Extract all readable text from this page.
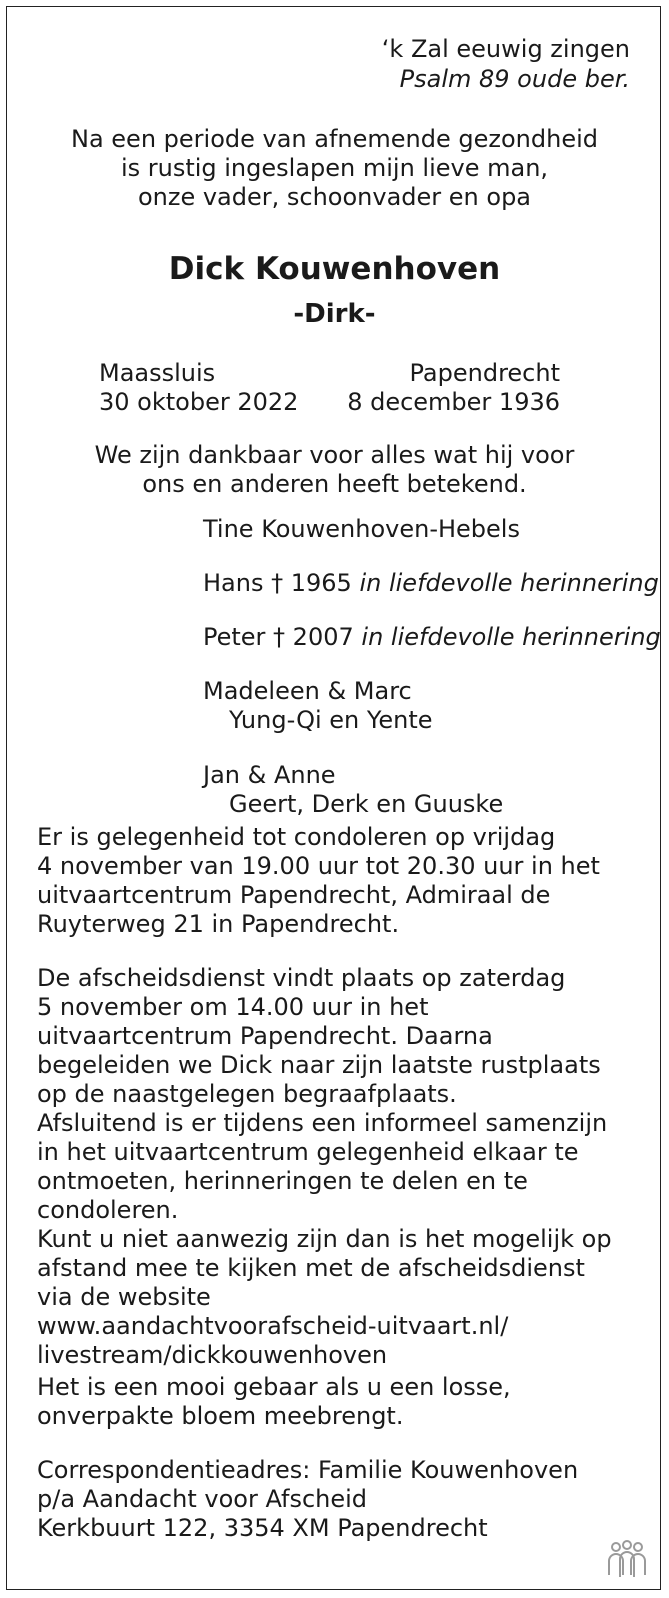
‘k Zal eeuwig zingen
Psalm 89 oude ber.
Na een periode van afnemende gezondheid
is rustig ingeslapen mijn lieve man,
onze vader, schoonvader en opa
Dick Kouwenhoven
-Dirk-
Maassluis
30 oktober 2022
Papendrecht
8 december 1936
We zijn dankbaar voor alles wat hij voor
ons en anderen heeft betekend.
Tine Kouwenhoven-Hebels
Hans † 1965 in liefdevolle herinnering
Peter † 2007 in liefdevolle herinnering
Madeleen & Marc
Yung-Qi en Yente
Jan & Anne
Geert, Derk en Guuske
Er is gelegenheid tot condoleren op vrijdag
4 november van 19.00 uur tot 20.30 uur in het
uitvaartcentrum Papendrecht, Admiraal de
Ruyterweg 21 in Papendrecht.
De afscheidsdienst vindt plaats op zaterdag
5 november om 14.00 uur in het
uitvaartcentrum Papendrecht. Daarna
begeleiden we Dick naar zijn laatste rustplaats
op de naastgelegen begraafplaats.
Afsluitend is er tijdens een informeel samenzijn
in het uitvaartcentrum gelegenheid elkaar te
ontmoeten, herinneringen te delen en te
condoleren.
Kunt u niet aanwezig zijn dan is het mogelijk op
afstand mee te kijken met de afscheidsdienst
via de website
www.aandachtvoorafscheid-uitvaart.nl/
livestream/dickkouwenhoven
Het is een mooi gebaar als u een losse,
onverpakte bloem meebrengt.
Correspondentieadres: Familie Kouwenhoven
p/a Aandacht voor Afscheid
Kerkbuurt 122, 3354 XM Papendrecht
